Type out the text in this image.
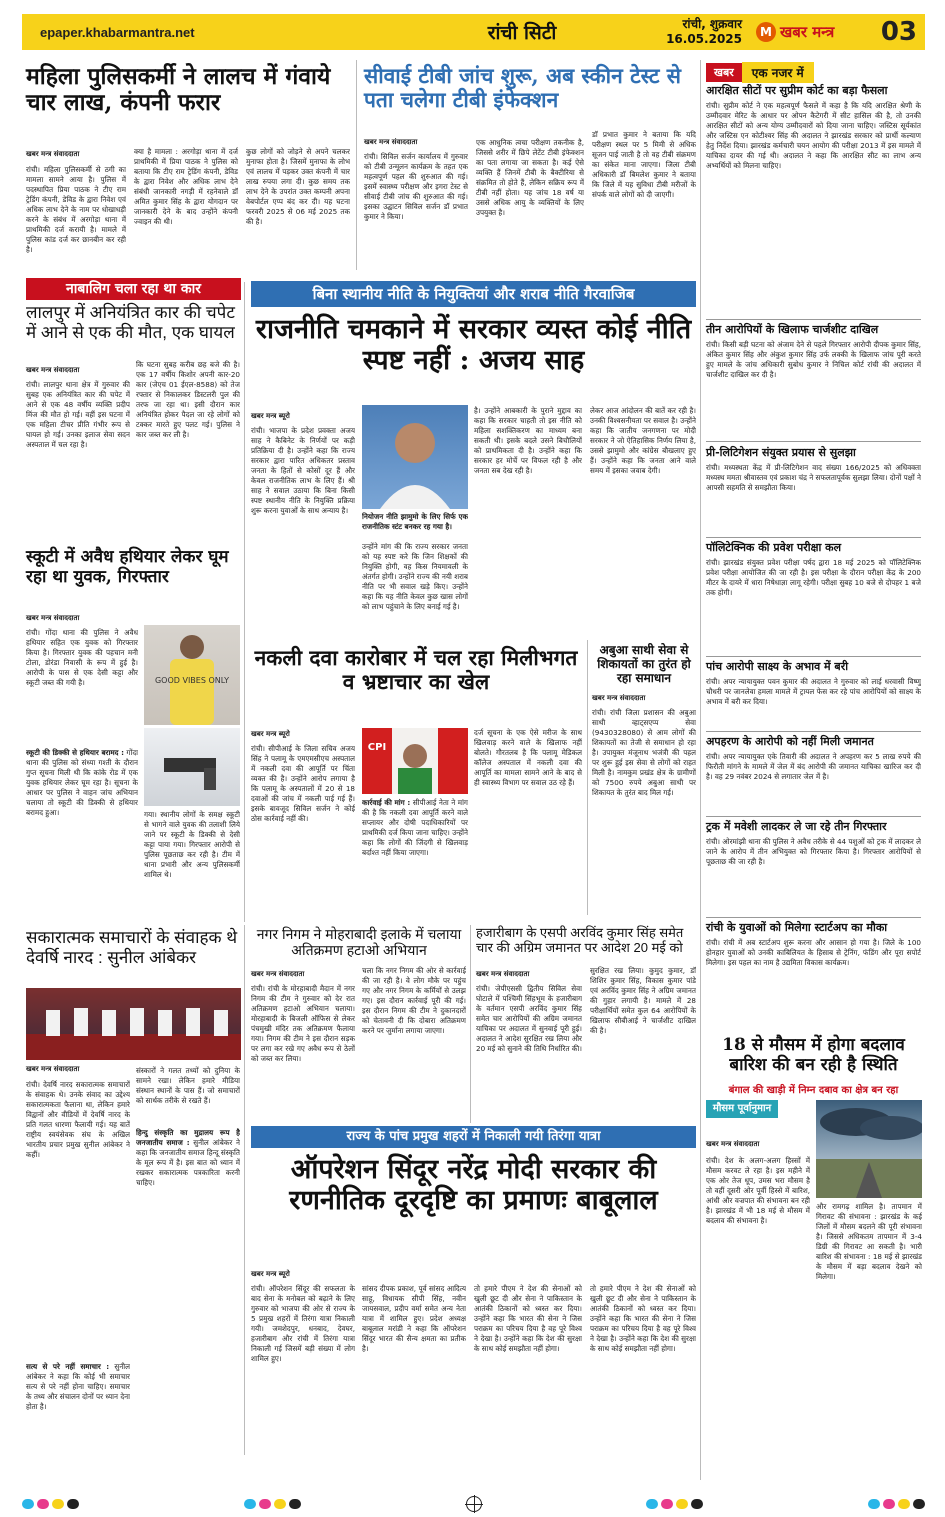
epaper.khabarmantra.net	रांची सिटी	रांची, शुक्रवार
16.05.2025	M खबर मन्त्र 03
महिला पुलिसकर्मी ने लालच में गंवाये चार लाख, कंपनी फरार
खबर मन्त्र संवाददाता
रांची। महिला पुलिसकर्मी से ठगी का मामला सामने आया है। पुलिस में पदस्थापित प्रिया पाठक ने टीए राम ट्रेडिंग कंपनी, डेविड के द्वारा निवेश एवं अधिक लाभ देने के नाम पर धोखाधड़ी करने के संबंध में अरगोड़ा थाना में प्राथमिकी दर्ज करायी है। मामले में पुलिस कांड दर्ज कर छानबीन कर रही है।
क्या है मामला : अरगोड़ा थाना में दर्ज प्राथमिकी में प्रिया पाठक ने पुलिस को बताया कि टीए राम ट्रेडिंग कंपनी, डेविड के द्वारा निवेश और अधिक लाभ देने संबंधी जानकारी नगड़ी में रहनेवाले डॉ अमित कुमार सिंह के द्वारा योगदान पर जानकारी देने के बाद उन्होंने कंपनी ज्वाइन की थी।
कुछ लोगों को जोड़ने से अपने चलकर मुनाफा होता है। जिसमें मुनाफा के लोभ एवं लालच में पड़कर उक्त कंपनी में चार लाख रुपया लगा दी। कुछ समय तक लाभ देने के उपरांत उक्त कम्पनी अपना वेबपोर्टल एप्प बंद कर दी। यह घटना फरवरी 2025 से 06 मई 2025 तक की है।
सीवाई टीबी जांच शुरू, अब स्कीन टेस्ट से पता चलेगा टीबी इंफेक्शन
खबर मन्त्र संवाददाता
रांची। सिविल सर्जन कार्यालय में गुरुवार को टीबी उन्मूलन कार्यक्रम के तहत एक महत्वपूर्ण पहल की शुरुआत की गई। इसमें स्वास्थ्य परीक्षण और इगरा टेस्ट से सीवाई टीबी जांच की शुरुआत की गई। इसका उद्घाटन सिविल सर्जन डॉ प्रभात कुमार ने किया।
एक आधुनिक त्वचा परीक्षण तकनीक है, जिससे शरीर में छिपे लेटेंट टीबी इंफेक्शन का पता लगाया जा सकता है। कई ऐसे व्यक्ति हैं जिनमें टीबी के बैक्टीरिया से संक्रमित तो होते हैं, लेकिन सक्रिय रूप में टीबी नहीं होता। यह जांच 18 वर्ष या उससे अधिक आयु के व्यक्तियों के लिए उपयुक्त है।
डॉ प्रभात कुमार ने बताया कि यदि परीक्षण स्थल पर 5 मिमी से अधिक सूजन पाई जाती है तो वह टीबी संक्रमण का संकेत माना जाएगा। जिला टीबी अधिकारी डॉ बिमलेश कुमार ने बताया कि जिले में यह सुविधा टीबी मरीजों के संपर्क वाले लोगों को दी जाएगी।
नाबालिग चला रहा था कार
लालपुर में अनियंत्रित कार की चपेट में आने से एक की मौत, एक घायल
खबर मन्त्र संवाददाता
रांची। लालपुर थाना क्षेत्र में गुरुवार की सुबह एक अनियंत्रित कार की चपेट में आने से एक 48 वर्षीय व्यक्ति प्रदीप मिंज की मौत हो गई। वहीं इस घटना में एक महिला टीचर प्रीति गंभीर रूप से घायल हो गई। उनका इलाज सेवा सदन अस्पताल में चल रहा है।
कि घटना सुबह करीब छह बजे की है। एक 17 वर्षीय किशोर अपनी कार-20 कार (जेएच 01 ईएल-8588) को तेज रफ्तार से निकालकर डिस्टलरी पुल की तरफ जा रहा था। इसी दौरान कार अनियंत्रित होकर पैदल जा रहे लोगों को टक्कर मारते हुए पलट गई। पुलिस ने कार जब्त कर ली है।
स्कूटी में अवैध हथियार लेकर घूम रहा था युवक, गिरफ्तार
खबर मन्त्र संवाददाता
रांची। गोंदा थाना की पुलिस ने अवैध हथियार सहित एक युवक को गिरफ्तार किया है। गिरफ्तार युवक की पहचान मनी टोला, डोरंडा निवासी के रूप में हुई है। आरोपी के पास से एक देसी कट्टा और स्कूटी जब्त की गयी है।
स्कूटी की डिक्की से हथियार बरामद : गोंदा थाना की पुलिस को संध्या गश्ती के दौरान गुप्त सूचना मिली थी कि कांके रोड में एक युवक हथियार लेकर घूम रहा है। सूचना के आधार पर पुलिस ने वाहन जांच अभियान चलाया तो स्कूटी की डिक्की से हथियार बरामद हुआ।
GOOD VIBES ONLY
गया। स्थानीय लोगों के समक्ष स्कूटी से भागने वाले युवक की तलाशी लिये जाने पर स्कूटी के डिक्की से देसी कट्टा पाया गया। गिरफ्तार आरोपी से पुलिस पूछताछ कर रही है। टीम में थाना प्रभारी और अन्य पुलिसकर्मी शामिल थे।
सकारात्मक समाचारों के संवाहक थे देवर्षि नारद : सुनील आंबेकर
खबर मन्त्र संवाददाता
रांची। देवर्षि नारद सकारात्मक समाचारों के संवाहक थे। उनके संवाद का उद्देश्य सकारात्मकता फैलाना था, लेकिन हमारे विद्वानों और वीडियों में देवर्षि नारद के प्रति गलत धारणा फैलायी गई। यह बातें राष्ट्रीय स्वयंसेवक संघ के अखिल भारतीय प्रचार प्रमुख सुनील आंबेकर ने कहीं।
सत्य से परे नहीं समाचार : सुनील आंबेकर ने कहा कि कोई भी समाचार सत्य से परे नहीं होना चाहिए। समाचार के तथ्य और संचालन दोनों पर ध्यान देना होता है।
संस्कारों ने गलत तथ्यों को दुनिया के सामने रखा। लेकिन हमारे मीडिया संस्थान स्थानों के पास हैं। जो समाचारों को सार्थक तरीके से रखते हैं।
हिन्दु संस्कृति का मुद्रालय रूप है जनजातीय समाज : सुनील आंबेकर ने कहा कि जनजातीय समाज हिन्दू संस्कृति के मूल रूप में है। इस बात को ध्यान में रखकर सकारात्मक पत्रकारिता करनी चाहिए।
बिना स्थानीय नीति के नियुक्तियां और शराब नीति गैरवाजिब
राजनीति चमकाने में सरकार व्यस्त कोई नीति स्पष्ट नहीं : अजय साह
खबर मन्त्र ब्यूरो
रांची। भाजपा के प्रदेश प्रवक्ता अजय साह ने कैबिनेट के निर्णयों पर कड़ी प्रतिक्रिया दी है। उन्होंने कहा कि राज्य सरकार द्वारा पारित अधिकतर प्रस्ताव जनता के हितों से कोसों दूर हैं और केवल राजनीतिक लाभ के लिए हैं। श्री साह ने सवाल उठाया कि बिना किसी स्पष्ट स्थानीय नीति के नियुक्ति प्रक्रिया शुरू करना युवाओं के साथ अन्याय है।
नियोजन नीति झामुमो के लिए सिर्फ एक राजनीतिक स्टंट बनकर रह गया है।
उन्होंने मांग की कि राज्य सरकार जनता को यह स्पष्ट करे कि जिन शिक्षकों की नियुक्ति होगी, वह किस नियमावली के अंतर्गत होगी। उन्होंने राज्य की नयी शराब नीति पर भी सवाल खड़े किए। उन्होंने कहा कि यह नीति केवल कुछ खास लोगों को लाभ पहुंचाने के लिए बनाई गई है।
है। उन्होंने आबकारी के पुराने मुद्दाव का कहा कि सरकार चाहती तो इस नीति को महिला सशक्तिकरण का माध्यम बना सकती थी। इसके बदले उसने बिचौलियों को प्राथमिकता दी है। उन्होंने कहा कि सरकार हर मोर्चे पर विफल रही है और जनता सब देख रही है।
लेकर आज आंदोलन की बातें कर रही है। उनकी विश्वसनीयता पर सवाल है। उन्होंने कहा कि जातीय जनगणना पर मोदी सरकार ने जो ऐतिहासिक निर्णय लिया है, उससे झामुमो और कांग्रेस बौखलाए हुए हैं। उन्होंने कहा कि जनता आने वाले समय में इसका जवाब देगी।
नकली दवा कारोबार में चल रहा मिलीभगत व भ्रष्टाचार का खेल
खबर मन्त्र ब्यूरो
रांची। सीपीआई के जिला सचिव अजय सिंह ने पलामू के एमएमसीएच अस्पताल में नकली दवा की आपूर्ति पर चिंता व्यक्त की है। उन्होंने आरोप लगाया है कि पलामू के अस्पतालों में 20 से 18 दवाओं की जांच में नकली पाई गई हैं। इसके बावजूद सिविल सर्जन ने कोई ठोस कार्रवाई नहीं की।
CPI
कार्रवाई की मांग : सीपीआई नेता ने मांग की है कि नकली दवा आपूर्ति करने वाले सप्लायर और दोषी पदाधिकारियों पर प्राथमिकी दर्ज किया जाना चाहिए। उन्होंने कहा कि लोगों की जिंदगी से खिलवाड़ बर्दाश्त नहीं किया जाएगा।
दर्ज सूचना के एक ऐसे मरीज के साथ खिलवाड़ करने वाले के खिलाफ नहीं बोलते। गौरतलब है कि पलामू मेडिकल कॉलेज अस्पताल में नकली दवा की आपूर्ति का मामला सामने आने के बाद से ही स्वास्थ्य विभाग पर सवाल उठ रहे हैं।
अबुआ साथी सेवा से शिकायतों का तुरंत हो रहा समाधान
खबर मन्त्र संवाददाता
रांची। रांची जिला प्रशासन की अबुआ साथी व्हाट्सएप्प सेवा (9430328080) से आम लोगों की शिकायतों का तेजी से समाधान हो रहा है। उपायुक्त मंजूनाथ भजंत्री की पहल पर शुरू हुई इस सेवा से लोगों को राहत मिली है। नामकुम प्रखंड क्षेत्र के ग्रामीणों को 7500 रुपये अबुआ साथी पर शिकायत के तुरंत बाद मिल गई।
नगर निगम ने मोहराबादी इलाके में चलाया अतिक्रमण हटाओ अभियान
खबर मन्त्र संवाददाता
रांची। रांची के मोरहाबादी मैदान में नगर निगम की टीम ने गुरुवार को देर रात अतिक्रमण हटाओ अभियान चलाया। मोरहाबादी के बिजली ऑफिस से लेकर पंचमुखी मंदिर तक अतिक्रमण फैलाया गया। निगम की टीम ने इस दौरान सड़क पर लगा कर रखे गए अवैध रूप से ठेलों को जब्त कर लिया।
चला कि नगर निगम की ओर से कार्रवाई की जा रही है। वे लोग मौके पर पहुंच गए और नगर निगम के कर्मियों से उलझ गए। इस दौरान कार्रवाई पूरी की गई। इस दौरान निगम की टीम ने दुकानदारों को चेतावनी दी कि दोबारा अतिक्रमण करने पर जुर्माना लगाया जाएगा।
हजारीबाग के एसपी अरविंद कुमार सिंह समेत चार की अग्रिम जमानत पर आदेश 20 मई को
खबर मन्त्र संवाददाता
रांची। जेपीएससी द्वितीय सिविल सेवा घोटाले में पश्चिमी सिंहभूम के हजारीबाग के वर्तमान एसपी अरविंद कुमार सिंह समेत चार आरोपियों की अग्रिम जमानत याचिका पर अदालत में सुनवाई पूरी हुई। अदालत ने आदेश सुरक्षित रख लिया और 20 मई को सुनाने की तिथि निर्धारित की।
सुरक्षित रख लिया। कुमुद कुमार, डॉ शिशिर कुमार सिंह, विकास कुमार पांडे एवं अरविंद कुमार सिंह ने अग्रिम जमानत की गुहार लगायी है। मामले में 28 परीक्षार्थियों समेत कुल 64 आरोपियों के खिलाफ सीबीआई ने चार्जशीट दाखिल की है।
राज्य के पांच प्रमुख शहरों में निकाली गयी तिरंगा यात्रा
ऑपरेशन सिंदूर नरेंद्र मोदी सरकार की रणनीतिक दूरदृष्टि का प्रमाणः बाबूलाल
खबर मन्त्र ब्यूरो
रांची। ऑपरेशन सिंदूर की सफलता के बाद सेना के मनोबल को बढ़ाने के लिए गुरुवार को भाजपा की ओर से राज्य के 5 प्रमुख शहरों में तिरंगा यात्रा निकाली गयी। जमशेदपुर, धनबाद, देवघर, हजारीबाग और रांची में तिरंगा यात्रा निकाली गई जिसमें बड़ी संख्या में लोग शामिल हुए।
सांसद दीपक प्रकाश, पूर्व सांसद आदित्य साहू, विधायक सीपी सिंह, नवीन जायसवाल, प्रदीप वर्मा समेत अन्य नेता यात्रा में शामिल हुए। प्रदेश अध्यक्ष बाबूलाल मरांडी ने कहा कि ऑपरेशन सिंदूर भारत की सैन्य क्षमता का प्रतीक है।
तो हमारे पीएम ने देश की सेनाओं को खुली छूट दी और सेना ने पाकिस्तान के आतंकी ठिकानों को ध्वस्त कर दिया। उन्होंने कहा कि भारत की सेना ने जिस पराक्रम का परिचय दिया है वह पूरे विश्व ने देखा है। उन्होंने कहा कि देश की सुरक्षा के साथ कोई समझौता नहीं होगा।
तो हमारे पीएम ने देश की सेनाओं को खुली छूट दी और सेना ने पाकिस्तान के आतंकी ठिकानों को ध्वस्त कर दिया। उन्होंने कहा कि भारत की सेना ने जिस पराक्रम का परिचय दिया है वह पूरे विश्व ने देखा है। उन्होंने कहा कि देश की सुरक्षा के साथ कोई समझौता नहीं होगा।
खबर	एक नजर में
आरक्षित सीटों पर सुप्रीम कोर्ट का बड़ा फैसला
रांची। सुप्रीम कोर्ट ने एक महत्वपूर्ण फैसले में कहा है कि यदि आरक्षित श्रेणी के उम्मीदवार मेरिट के आधार पर ओपन कैटेगरी में सीट हासिल की है, तो उनकी आरक्षित सीटों को अन्य योग्य उम्मीदवारों को दिया जाना चाहिए। जस्टिस सूर्यकांत और जस्टिस एन कोटीश्वर सिंह की अदालत ने झारखंड सरकार को प्रार्थी कल्याण हेतु निर्देश दिया। झारखंड कर्मचारी चयन आयोग की परीक्षा 2013 में इस मामले में याचिका दायर की गई थी। अदालत ने कहा कि आरक्षित सीट का लाभ अन्य अभ्यर्थियों को मिलना चाहिए।
तीन आरोपियों के खिलाफ चार्जशीट दाखिल
रांची। किसी बड़ी घटना को अंजाम देने से पहले गिरफ्तार आरोपी दीपक कुमार सिंह, अंकित कुमार सिंह और अंकुश कुमार सिंह उर्फ लक्की के खिलाफ जांच पूरी करते हुए मामले के जांच अधिकारी सुबोध कुमार ने निचिल कोर्ट रांची की अदालत में चार्जशीट दाखिल कर दी है।
प्री-लिटिगेशन संयुक्त प्रयास से सुलझा
रांची। मध्यस्थता केंद्र में प्री-लिटिगेशन वाद संख्या 166/2025 को अधिवक्ता मध्यस्थ ममता श्रीवास्तव एवं प्रकाश चंद्र ने सफलतापूर्वक सुलझा लिया। दोनों पक्षों ने आपसी सहमति से समझौता किया।
पॉलिटेक्निक की प्रवेश परीक्षा कल
रांची। झारखंड संयुक्त प्रवेश परीक्षा पर्षद द्वारा 18 मई 2025 को पॉलिटेक्निक प्रवेश परीक्षा आयोजित की जा रही है। इस परीक्षा के दौरान परीक्षा केंद्र के 200 मीटर के दायरे में धारा निषेधाज्ञा लागू रहेगी। परीक्षा सुबह 10 बजे से दोपहर 1 बजे तक होगी।
पांच आरोपी साक्ष्य के अभाव में बरी
रांची। अपर न्यायायुक्त पवन कुमार की अदालत ने गुरुवार को लाई धरवासी विष्णु चौधरी पर जानलेवा हमला मामले में ट्रायल फेस कर रहे पांच आरोपियों को साक्ष्य के अभाव में बरी कर दिया।
अपहरण के आरोपी को नहीं मिली जमानत
रांची। अपर न्यायायुक्त एके तिवारी की अदालत ने अपहरण कर 5 लाख रुपये की फिरौती मांगने के मामले में जेल में बंद आरोपी की जमानत याचिका खारिज कर दी है। वह 29 नवंबर 2024 से लगातार जेल में है।
ट्रक में मवेशी लादकर ले जा रहे तीन गिरफ्तार
रांची। ओरमांझी थाना की पुलिस ने अवैध तरीके से 44 पशुओं को ट्रक में लादकर ले जाने के आरोप में तीन अभियुक्त को गिरफ्तार किया है। गिरफ्तार आरोपियों से पूछताछ की जा रही है।
रांची के युवाओं को मिलेगा स्टार्टअप का मौका
रांची। रांची में अब स्टार्टअप शुरू करना और आसान हो गया है। जिले के 100 होनहार युवाओं को उनकी काबिलियत के हिसाब से ट्रेनिंग, फंडिंग और पूरा सपोर्ट मिलेगा। इस पहल का नाम है उद्यमिता विकास कार्यक्रम।
18 से मौसम में होगा बदलाव बारिश की बन रही है स्थिति
बंगाल की खाड़ी में निम्न दबाव का क्षेत्र बन रहा
मौसम पूर्वानुमान
खबर मन्त्र संवाददाता
रांची। देश के अलग-अलग हिस्सों में मौसम करवट ले रहा है। इस महीने में एक ओर तेज धूप, उमस भरा मौसम है तो वहीं दूसरी ओर पूर्वी हिस्से में बारिश, आंधी और वज्रपात की संभावना बन रही है। झारखंड में भी 18 मई से मौसम में बदलाव की संभावना है।
और रामगढ़ शामिल है। तापमान में गिरावट की संभावना : झारखंड के कई जिलों में मौसम बदलने की पूरी संभावना है। जिससे अधिकतम तापमान में 3-4 डिग्री की गिरावट आ सकती है। भारी बारिश की संभावना : 18 मई से झारखंड के मौसम में बड़ा बदलाव देखने को मिलेगा।
